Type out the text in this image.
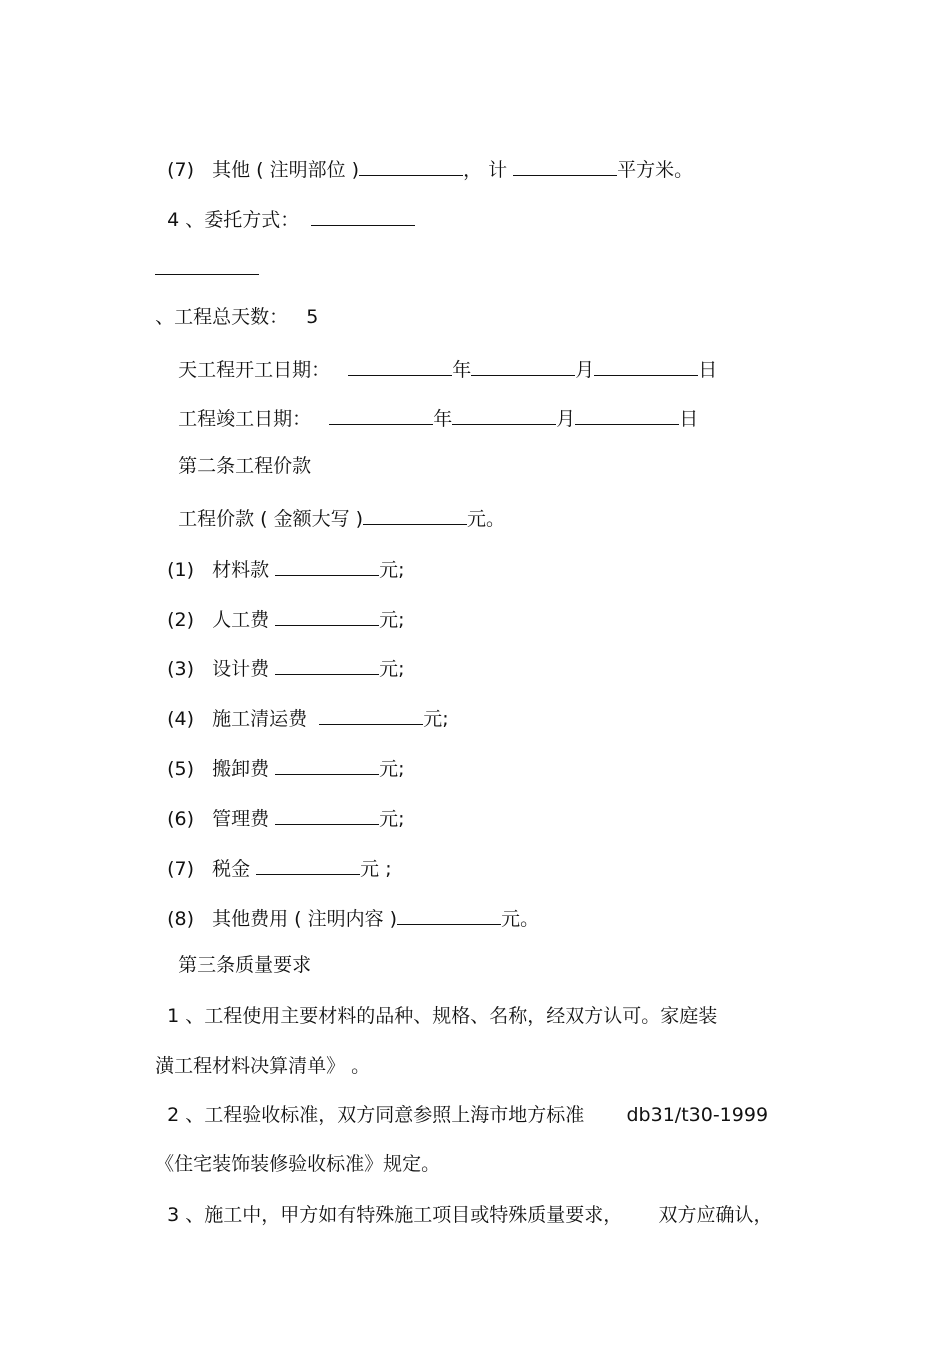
(7)   其他 ( 注明部位 )	， 计	平方米。

4 、委托方式：

、工程总天数：   5

天工程开工日期：	年	月	日

工程竣工日期：	年	月	日

第二条工程价款

工程价款 ( 金额大写 )	元。

(1)   材料款	元;

(2)   人工费	元;

(3)   设计费	元;

(4)   施工清运费	元;

(5)   搬卸费	元;

(6)   管理费	元;

(7)   税金	元 ;

(8)   其他费用 ( 注明内容 )	元。

第三条质量要求

1 、工程使用主要材料的品种、规格、名称，经双方认可。家庭装

潢工程材料决算清单》 。

2 、工程验收标准，双方同意参照上海市地方标准       db31/t30-1999

《住宅装饰装修验收标准》规定。

3 、施工中，甲方如有特殊施工项目或特殊质量要求，      双方应确认，
